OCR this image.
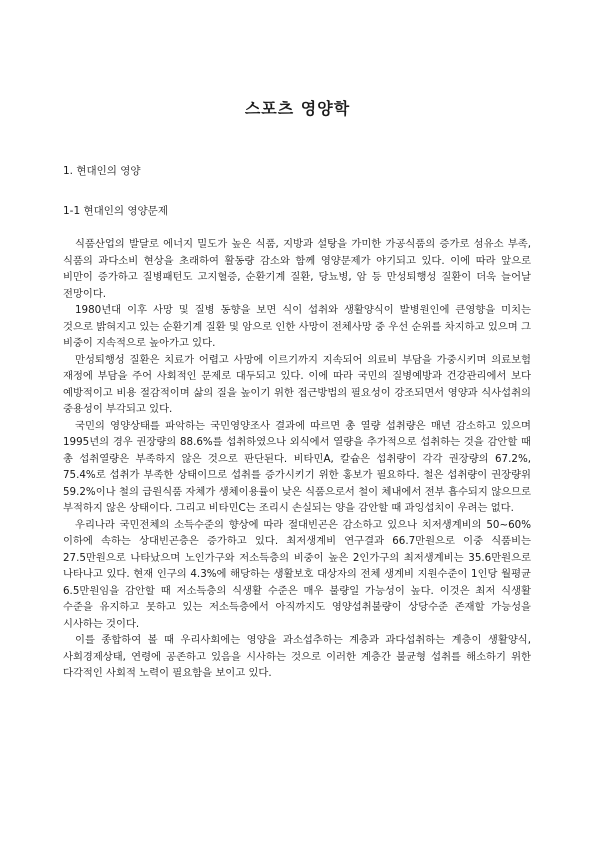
스포츠 영양학
1. 현대인의 영양
1-1 현대인의 영양문제

식품산업의 발달로 에너지 밀도가 높은 식품, 지방과 설탕을 가미한 가공식품의 증가로 섬유소 부족, 식품의 과다소비 현상을 초래하여 활동량 감소와 함께 영양문제가 야기되고 있다. 이에 따라 앞으로 비만이 증가하고 질병패턴도 고지혈증, 순환기계 질환, 당뇨병, 암 등 만성퇴행성 질환이 더욱 늘어날 전망이다.

1980년대 이후 사망 및 질병 동향을 보면 식이 섭취와 생활양식이 발병원인에 큰영향을 미치는 것으로 밝혀지고 있는 순환기계 질환 및 암으로 인한 사망이 전체사망 중 우선 순위를 차지하고 있으며 그 비중이 지속적으로 높아가고 있다.

만성퇴행성 질환은 치료가 어렵고 사망에 이르기까지 지속되어 의료비 부담을 가중시키며 의료보험 재정에 부담을 주어 사회적인 문제로 대두되고 있다. 이에 따라 국민의 질병예방과 건강관리에서 보다 예방적이고 비용 절감적이며 삶의 질을 높이기 위한 접근방법의 필요성이 강조되면서 영양과 식사섭취의 중용성이 부각되고 있다.

국민의 영양상태를 파악하는 국민영양조사 결과에 따르면 총 열량 섭취량은 매년 감소하고 있으며 1995년의 경우 권장량의 88.6%를 섭취하였으나 외식에서 열량을 추가적으로 섭취하는 것을 감안할 때 총 섭취열량은 부족하지 않은 것으로 판단된다. 비타민A, 칼슘은 섭취량이 각각 권장량의 67.2%, 75.4%로 섭취가 부족한 상태이므로 섭취를 증가시키기 위한 홍보가 필요하다. 철은 섭취량이 권장량위 59.2%이나 철의 급원식품 자체가 생체이용률이 낮은 식품으로서 철이 체내에서 전부 흡수되지 않으므로 부적하지 않은 상태이다. 그리고 비타민C는 조리시 손실되는 양을 감안할 때 과잉섭치이 우려는 없다.

우리나라 국민전체의 소득수준의 향상에 따라 절대빈곤은 감소하고 있으나 치저생계비의 50~60% 이하에 속하는 상대빈곤층은 증가하고 있다. 최저생계비 연구결과 66.7만원으로 이중 식품비는 27.5만원으로 나타났으며 노인가구와 저소득층의 비중이 높은 2인가구의 최저생계비는 35.6만원으로 나타나고 있다. 현재 인구의 4.3%에 해당하는 생활보호 대상자의 전체 생계비 지원수준이 1인당 월평균 6.5만원임을 감안할 때 저소득층의 식생활 수준은 매우 불량일 가능성이 높다. 이것은 최저 식생활 수준을 유지하고 못하고 있는 저소득층에서 아직까지도 영양섭취불량이 상당수준 존재할 가능성을 시사하는 것이다.

이를 종합하여 볼 때 우리사회에는 영양을 과소섭추하는 계층과 과다섭취하는 계층이 생활양식, 사회경제상태, 연령에 공존하고 있음을 시사하는 것으로 이러한 계층간 불균형 섭취를 해소하기 위한 다각적인 사회적 노력이 필요함을 보이고 있다.
